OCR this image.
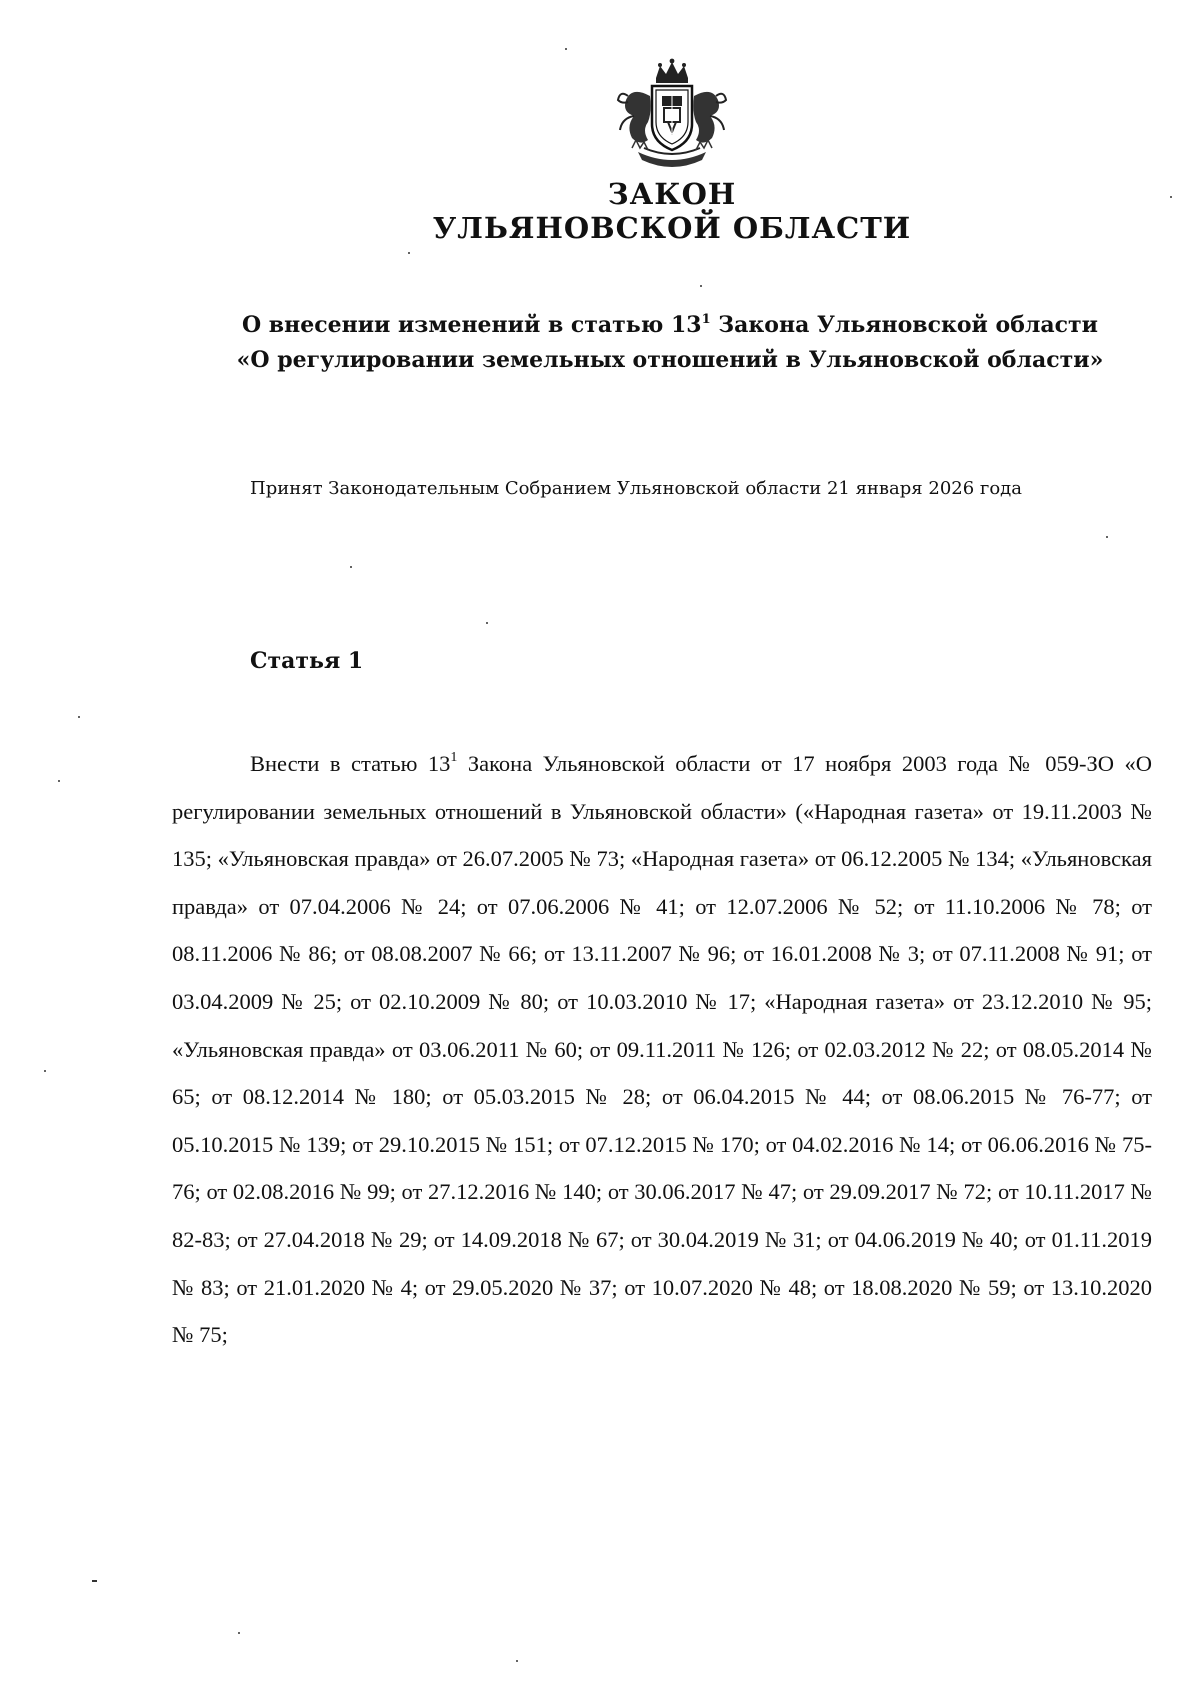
ЗАКОН
УЛЬЯНОВСКОЙ ОБЛАСТИ
О внесении изменений в статью $13^1$ Закона Ульяновской области
«О регулировании земельных отношений в Ульяновской области»

Принят Законодательным Собранием Ульяновской области 21 января 2026 года

Статья 1

Внести в статью $13^1$ Закона Ульяновской области от 17 ноября 2003 года № 059-ЗО «О регулировании земельных отношений в Ульяновской области» («Народная газета» от 19.11.2003 № 135; «Ульяновская правда» от 26.07.2005 № 73; «Народная газета» от 06.12.2005 № 134; «Ульяновская правда» от 07.04.2006 № 24; от 07.06.2006 № 41; от 12.07.2006 № 52; от 11.10.2006 № 78; от 08.11.2006 № 86; от 08.08.2007 № 66; от 13.11.2007 № 96; от 16.01.2008 № 3; от 07.11.2008 № 91; от 03.04.2009 № 25; от 02.10.2009 № 80; от 10.03.2010 № 17; «Народная газета» от 23.12.2010 № 95; «Ульяновская правда» от 03.06.2011 № 60; от 09.11.2011 № 126; от 02.03.2012 № 22; от 08.05.2014 № 65; от 08.12.2014 № 180; от 05.03.2015 № 28; от 06.04.2015 № 44; от 08.06.2015 № 76-77; от 05.10.2015 № 139; от 29.10.2015 № 151; от 07.12.2015 № 170; от 04.02.2016 № 14; от 06.06.2016 № 75-76; от 02.08.2016 № 99; от 27.12.2016 № 140; от 30.06.2017 № 47; от 29.09.2017 № 72; от 10.11.2017 № 82-83; от 27.04.2018 № 29; от 14.09.2018 № 67; от 30.04.2019 № 31; от 04.06.2019 № 40; от 01.11.2019 № 83; от 21.01.2020 № 4; от 29.05.2020 № 37; от 10.07.2020 № 48; от 18.08.2020 № 59; от 13.10.2020 № 75;
